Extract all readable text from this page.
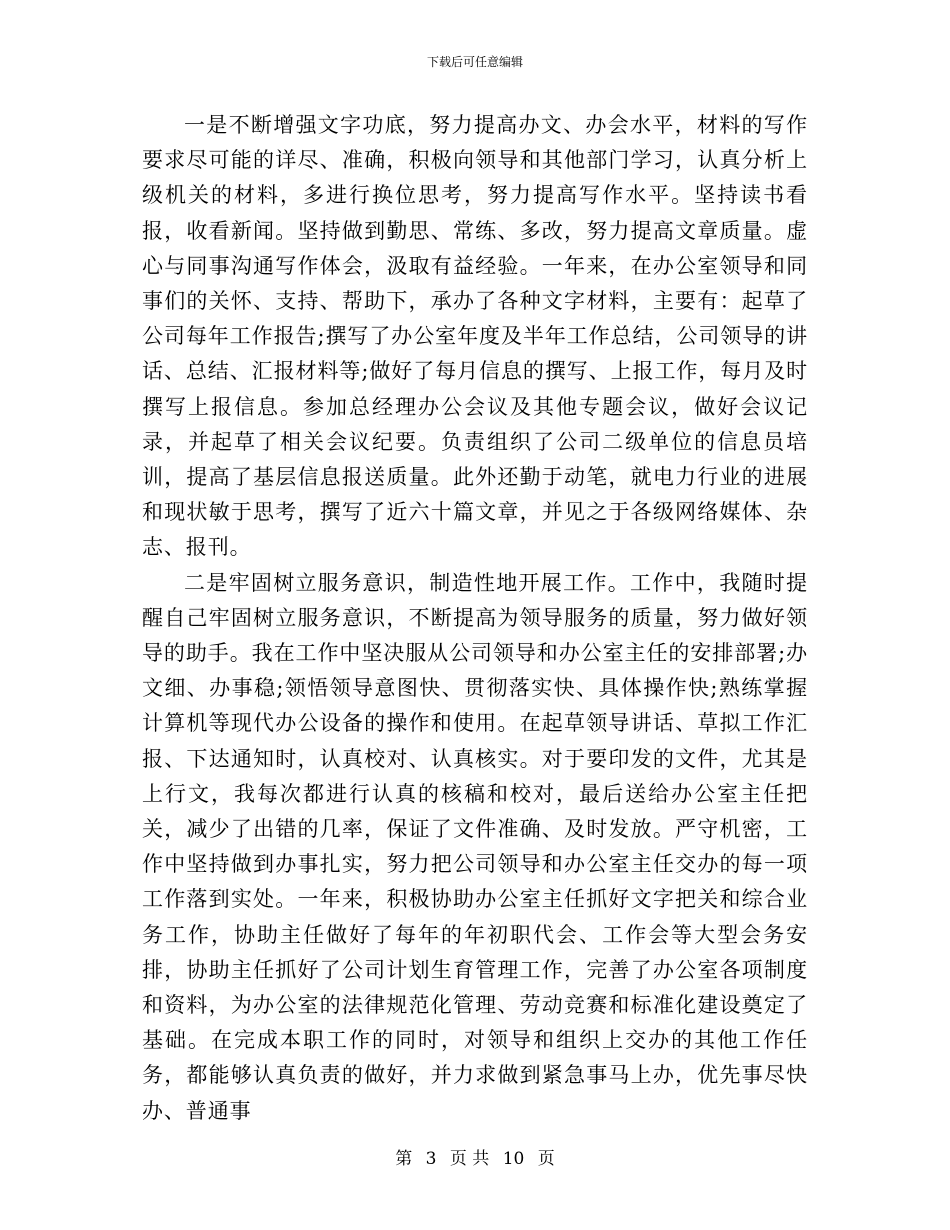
下载后可任意编辑

一是不断增强文字功底，努力提高办文、办会水平，材料的写作要求尽可能的详尽、准确，积极向领导和其他部门学习，认真分析上级机关的材料，多进行换位思考，努力提高写作水平。坚持读书看报，收看新闻。坚持做到勤思、常练、多改，努力提高文章质量。虚心与同事沟通写作体会，汲取有益经验。一年来，在办公室领导和同事们的关怀、支持、帮助下，承办了各种文字材料，主要有：起草了公司每年工作报告;撰写了办公室年度及半年工作总结，公司领导的讲话、总结、汇报材料等;做好了每月信息的撰写、上报工作，每月及时撰写上报信息。参加总经理办公会议及其他专题会议，做好会议记录，并起草了相关会议纪要。负责组织了公司二级单位的信息员培训，提高了基层信息报送质量。此外还勤于动笔，就电力行业的进展和现状敏于思考，撰写了近六十篇文章，并见之于各级网络媒体、杂志、报刊。

二是牢固树立服务意识，制造性地开展工作。工作中，我随时提醒自己牢固树立服务意识，不断提高为领导服务的质量，努力做好领导的助手。我在工作中坚决服从公司领导和办公室主任的安排部署;办文细、办事稳;领悟领导意图快、贯彻落实快、具体操作快;熟练掌握计算机等现代办公设备的操作和使用。在起草领导讲话、草拟工作汇报、下达通知时，认真校对、认真核实。对于要印发的文件，尤其是上行文，我每次都进行认真的核稿和校对，最后送给办公室主任把关，减少了出错的几率，保证了文件准确、及时发放。严守机密，工作中坚持做到办事扎实，努力把公司领导和办公室主任交办的每一项工作落到实处。一年来，积极协助办公室主任抓好文字把关和综合业务工作，协助主任做好了每年的年初职代会、工作会等大型会务安排，协助主任抓好了公司计划生育管理工作，完善了办公室各项制度和资料，为办公室的法律规范化管理、劳动竞赛和标准化建设奠定了基础。在完成本职工作的同时，对领导和组织上交办的其他工作任务，都能够认真负责的做好，并力求做到紧急事马上办，优先事尽快办、普通事

第 3 页 共 10 页
